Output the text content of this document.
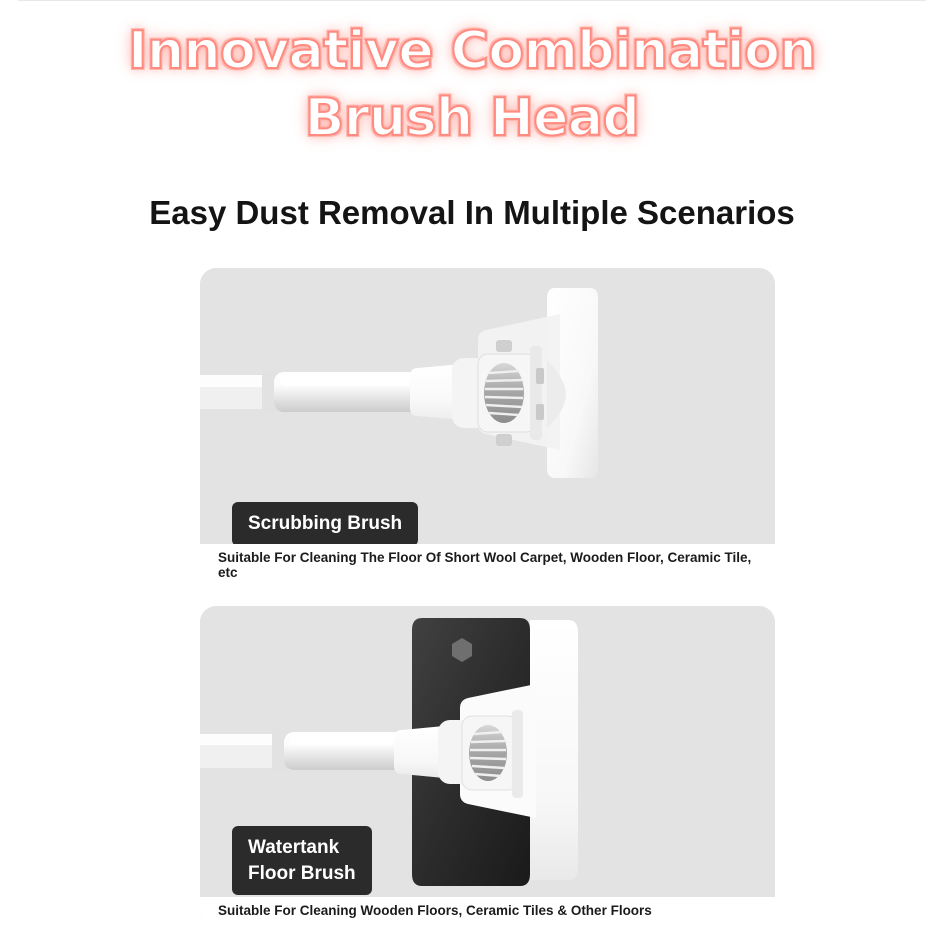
Innovative Combination
Brush Head
Easy Dust Removal In Multiple Scenarios
Scrubbing Brush
Suitable For Cleaning The Floor Of Short Wool Carpet, Wooden Floor, Ceramic Tile, etc
Watertank
Floor Brush
Suitable For Cleaning Wooden Floors, Ceramic Tiles & Other Floors
